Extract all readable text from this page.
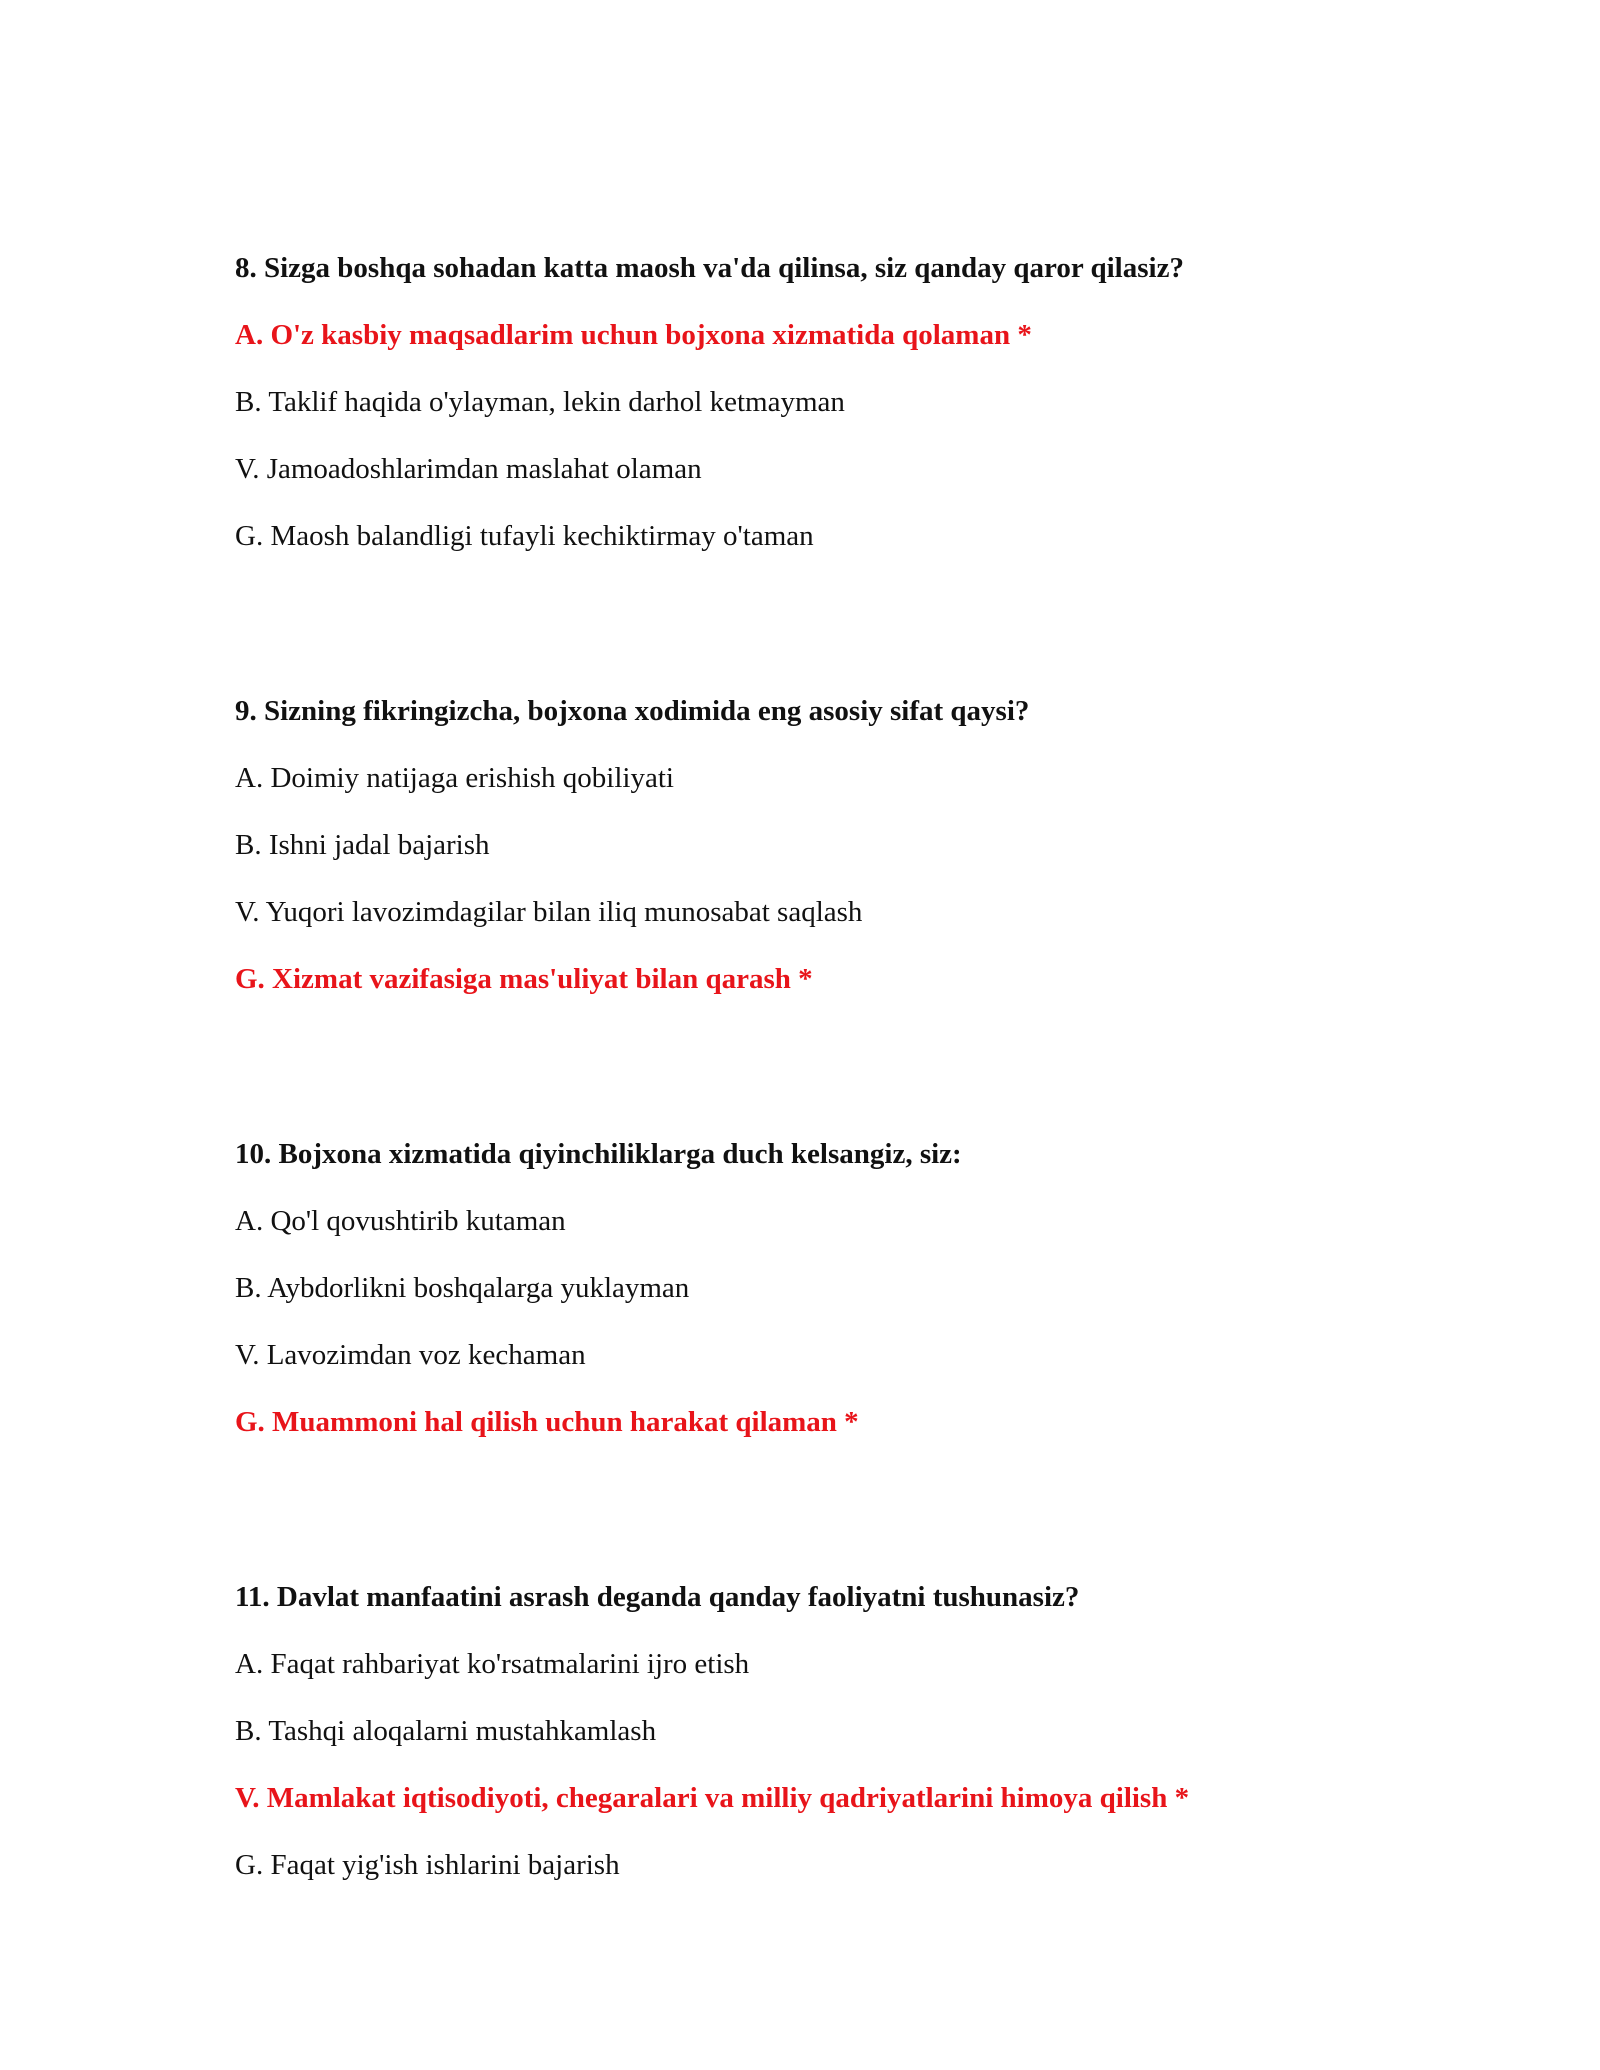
8. Sizga boshqa sohadan katta maosh va'da qilinsa, siz qanday qaror qilasiz?
A. O'z kasbiy maqsadlarim uchun bojxona xizmatida qolaman *
B. Taklif haqida o'ylayman, lekin darhol ketmayman
V. Jamoadoshlarimdan maslahat olaman
G. Maosh balandligi tufayli kechiktirmay o'taman
9. Sizning fikringizcha, bojxona xodimida eng asosiy sifat qaysi?
A. Doimiy natijaga erishish qobiliyati
B. Ishni jadal bajarish
V. Yuqori lavozimdagilar bilan iliq munosabat saqlash
G. Xizmat vazifasiga mas'uliyat bilan qarash *
10. Bojxona xizmatida qiyinchiliklarga duch kelsangiz, siz:
A. Qo'l qovushtirib kutaman
B. Aybdorlikni boshqalarga yuklayman
V. Lavozimdan voz kechaman
G. Muammoni hal qilish uchun harakat qilaman *
11. Davlat manfaatini asrash deganda qanday faoliyatni tushunasiz?
A. Faqat rahbariyat ko'rsatmalarini ijro etish
B. Tashqi aloqalarni mustahkamlash
V. Mamlakat iqtisodiyoti, chegaralari va milliy qadriyatlarini himoya qilish *
G. Faqat yig'ish ishlarini bajarish
